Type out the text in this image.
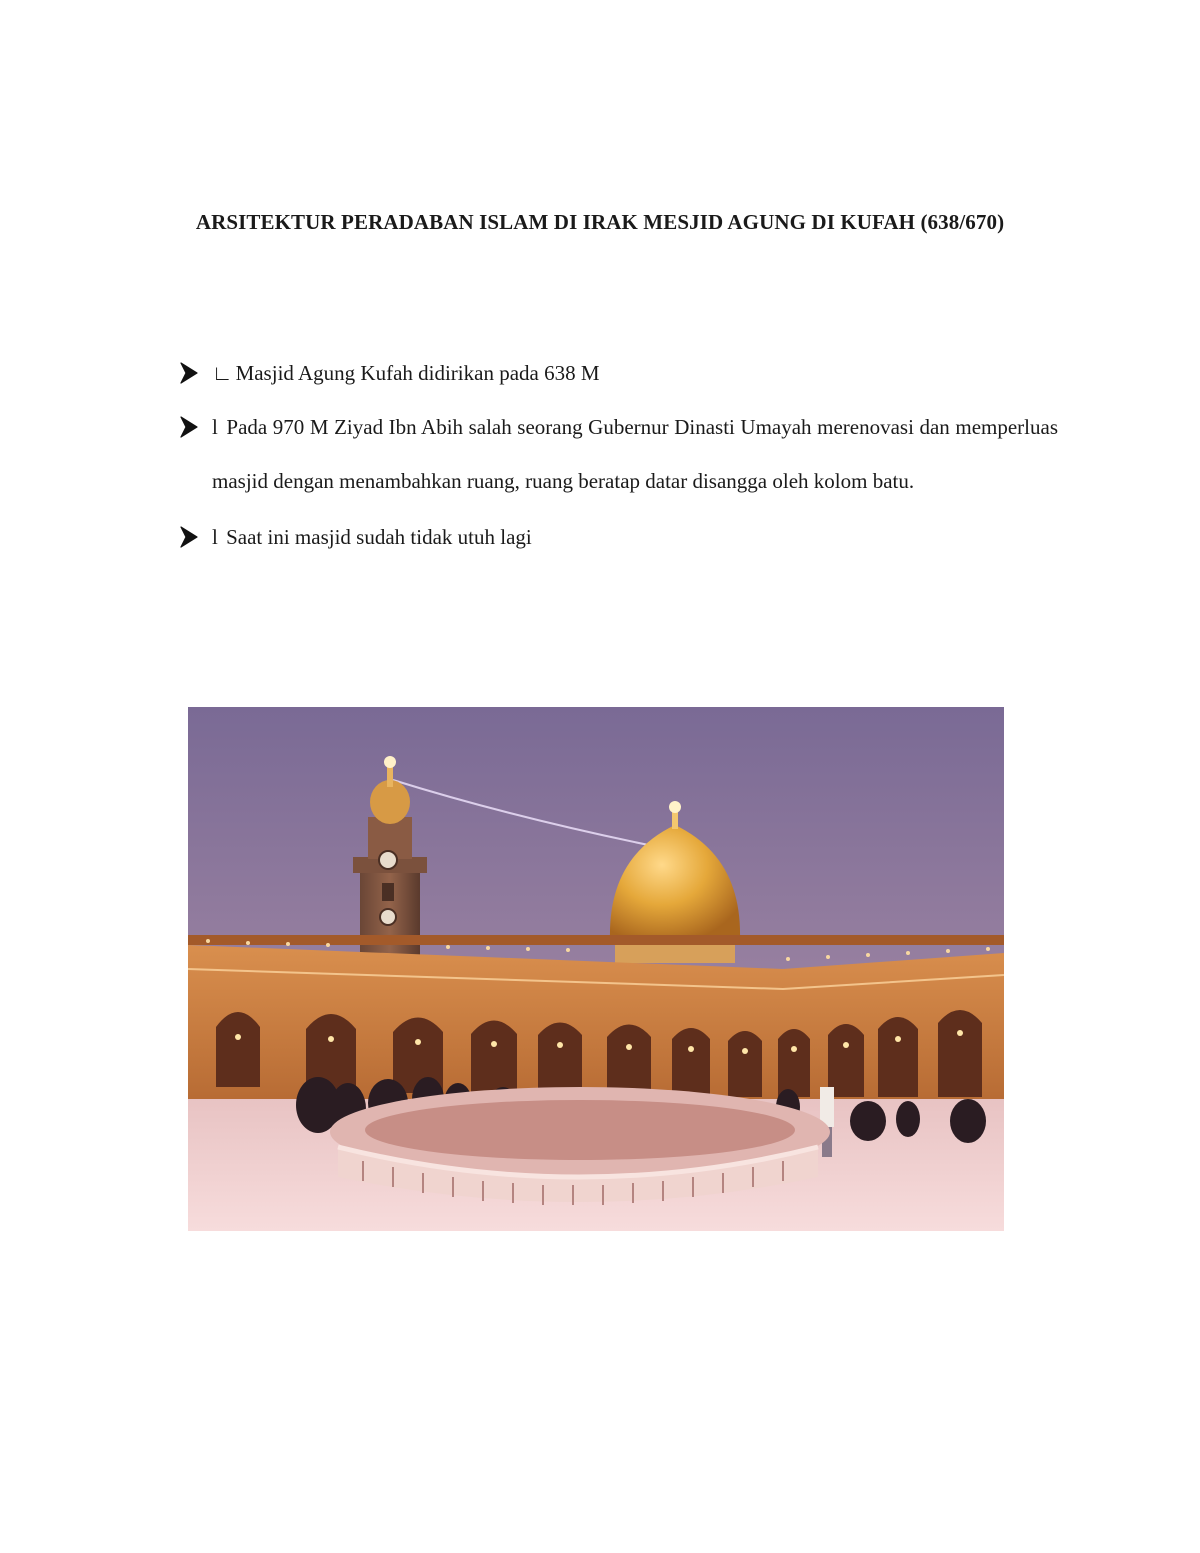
ARSITEKTUR PERADABAN ISLAM DI IRAK MESJID AGUNG DI KUFAH (638/670)
∟ Masjid Agung Kufah didirikan pada 638 M
l Pada 970 M Ziyad Ibn Abih salah seorang Gubernur Dinasti Umayah merenovasi dan memperluas masjid dengan menambahkan ruang, ruang beratap datar disangga oleh kolom batu.
l Saat ini masjid sudah tidak utuh lagi
